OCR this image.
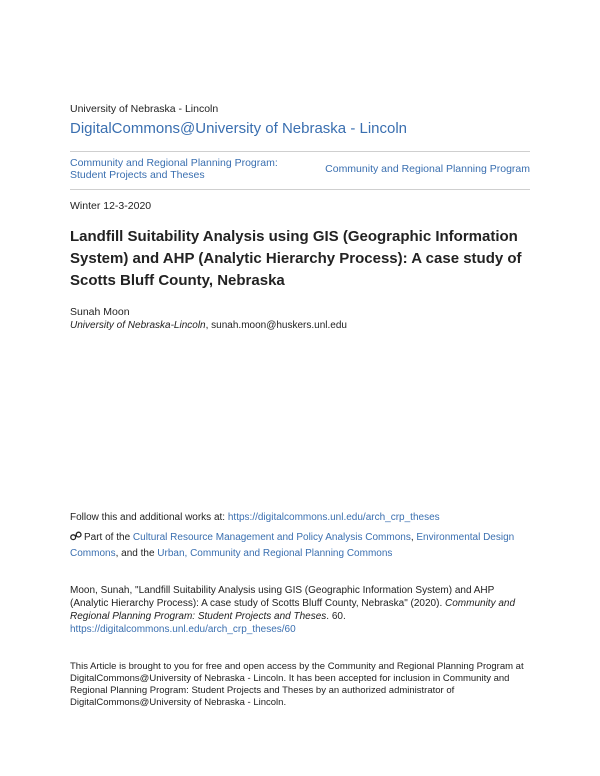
University of Nebraska - Lincoln
DigitalCommons@University of Nebraska - Lincoln
Community and Regional Planning Program: Student Projects and Theses	Community and Regional Planning Program
Winter 12-3-2020
Landfill Suitability Analysis using GIS (Geographic Information System) and AHP (Analytic Hierarchy Process): A case study of Scotts Bluff County, Nebraska
Sunah Moon
University of Nebraska-Lincoln, sunah.moon@huskers.unl.edu
Follow this and additional works at: https://digitalcommons.unl.edu/arch_crp_theses
Part of the Cultural Resource Management and Policy Analysis Commons, Environmental Design Commons, and the Urban, Community and Regional Planning Commons
Moon, Sunah, "Landfill Suitability Analysis using GIS (Geographic Information System) and AHP (Analytic Hierarchy Process): A case study of Scotts Bluff County, Nebraska" (2020). Community and Regional Planning Program: Student Projects and Theses. 60.
https://digitalcommons.unl.edu/arch_crp_theses/60
This Article is brought to you for free and open access by the Community and Regional Planning Program at DigitalCommons@University of Nebraska - Lincoln. It has been accepted for inclusion in Community and Regional Planning Program: Student Projects and Theses by an authorized administrator of DigitalCommons@University of Nebraska - Lincoln.
